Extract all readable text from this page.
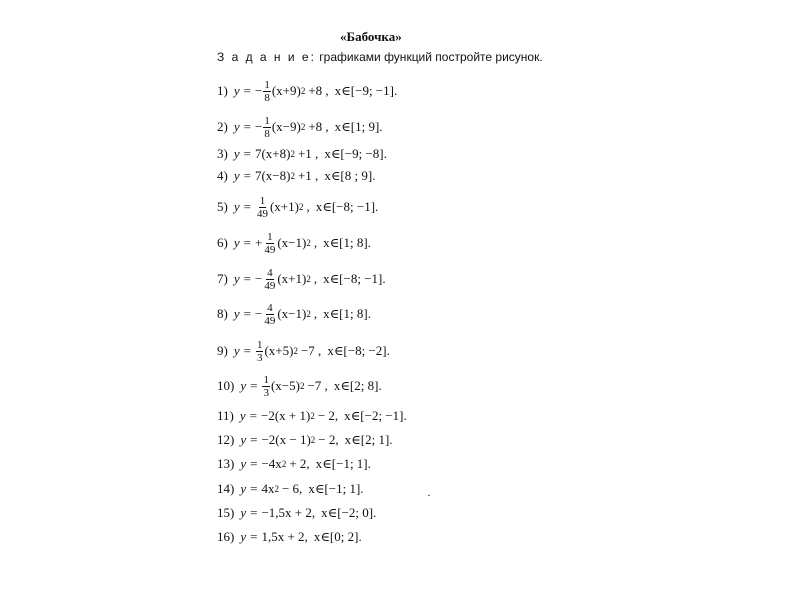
«Бабочка»
З а д а н и е: графиками функций постройте рисунок.
1) y = − $\frac{1}{8} (x+9)$ 2 +8 , x∈[−9; −1].
2) y = − $\frac{1}{8} (x-9)$ 2 +8 , x∈[1; 9].
3) y = 7(x+8) 2 +1 , x∈[−9; −8].
4) y = 7(x−8) 2 +1 , x∈[8 ; 9].
5) $y = \frac{1}{49} (x+1)$ 2 , x∈[−8; −1].
6) y = + $\frac{1}{49} (x-1)$ 2 , x∈[1; 8].
7) y = − $\frac{4}{49} (x+1)$ 2 , x∈[−8; −1].
8) y = − $\frac{4}{49} (x-1)$ 2 , x∈[1; 8].
9) $y = \frac{1}{3} (x+5)$ 2 −7 , x∈[−8; −2].
10) $y = \frac{1}{3} (x-5)$ 2 −7 , x∈[2; 8].
11) y = −2(x + 1) 2 − 2, x∈[−2; −1].
12) y = −2(x − 1) 2 − 2, x∈[2; 1].
13) y = −4x 2 + 2, x∈[−1; 1].
14) y = 4x 2 − 6, x∈[−1; 1].
15) y = −1,5x + 2, x∈[−2; 0].
16) y = 1,5x + 2, x∈[0; 2].
·
